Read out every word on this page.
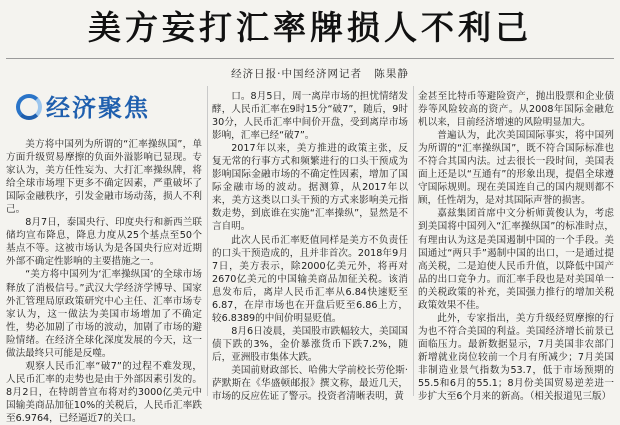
美方妄打汇率牌损人不利己
经济日报·中国经济网记者 陈果静
经济聚焦

美方将中国列为所谓的“汇率操纵国”，单方面升级贸易摩擦的负面外溢影响已显现。专家认为，美方任性妄为、大打汇率操纵牌，将给全球市场埋下更多不确定因素，严重破坏了国际金融秩序，引发金融市场动荡，损人不利己。

8月7日，泰国央行、印度央行和新西兰联储均宣布降息，降息力度从25个基点至50个基点不等。这被市场认为是各国央行应对近期外部不确定性影响的主要措施之一。

“美方将中国列为‘汇率操纵国’的全球市场释放了消极信号。”武汉大学经济学博导、国家外汇管理局原政策研究中心主任、汇率市场专家认为，这一做法为美国市场增加了不确定性，势必加剧了市场的波动，加剧了市场的避险情绪。在经济全球化深度发展的今天，这一做法最终只可能是反噬。

观察人民币汇率“破7”的过程不难发现，人民币汇率的走势也是由于外部因素引发的。8月2日，在特朗普宣布将对约3000亿美元中国输美商品加征10%的关税后，人民币汇率跌至6.9764，已经逼近7的关口。

口。8月5日，周一离岸市场的担忧情绪发酵，人民币汇率在9时15分“破7”，随后，9时30分，人民币汇率中间价开盘，受到离岸市场影响，汇率已经“破7”。

2017年以来，美方推进的政策主张，反复无常的行事方式和频繁进行的口头干预成为影响国际金融市场的不确定性因素，增加了国际金融市场的波动。据测算，从2017年以来，美方这类以口头干预的方式来影响美元指数走势，到底谁在实施“汇率操纵”，显然是不言自明。

此次人民币汇率贬值同样是美方不负责任的口头干预造成的，且并非首次。2018年9月7日，美方表示，除2000亿美元外，将再对2670亿美元的中国输美商品加征关税。该消息发布后，离岸人民币汇率从6.84快速贬至6.87，在岸市场也在开盘后贬至6.86上方，较6.8389的中间价明显贬值。

8月6日凌晨，美国股市跌幅较大，美国国债下跌的3%，金价暴涨货币下跌7.2%，随后，亚洲股市集体大跌。

美国前财政部长、哈佛大学前校长劳伦斯·萨默斯在《华盛顿邮报》撰文称，最近几天，市场的反应佐证了警示。投资者清晰表明，黄

金甚至比特币等避险资产，抛出股票和企业债券等风险较高的资产。从2008年国际金融危机以来，目前经济增速的风险明显加大。

普遍认为，此次美国国际事实，将中国列为所谓的“汇率操纵国”，既不符合国际标准也不符合其国内法。过去很长一段时间，美国表面上还是以“互通有”的形象出现，提倡全球遵守国际规则。现在美国连自己的国内规则都不顾，任性胡为，是对其国际声誉的损害。

嘉兹集团首席中文分析师黄俊认为，考虑到美国将中国列入“汇率操纵国”的标准时点，有理由认为这是美国遏制中国的一个手段。美国通过“两只手”遏制中国的出口，一是通过提高关税，二是迫使人民币升值，以降低中国产品的出口竞争力。而汇率手段也是对美国单一的关税政策的补充，美国强力推行的增加关税政策效果不佳。

此外，专家指出，美方升级经贸摩擦的行为也不符合美国的利益。美国经济增长前景已面临压力。最新数据显示，7月美国非农部门新增就业岗位较前一个月有所减少；7月美国非制造业景气指数为53.7，低于市场预期的55.5和6月的55.1；8月份美国贸易逆差进一步扩大至6个月来的新高。（相关报道见三版）
